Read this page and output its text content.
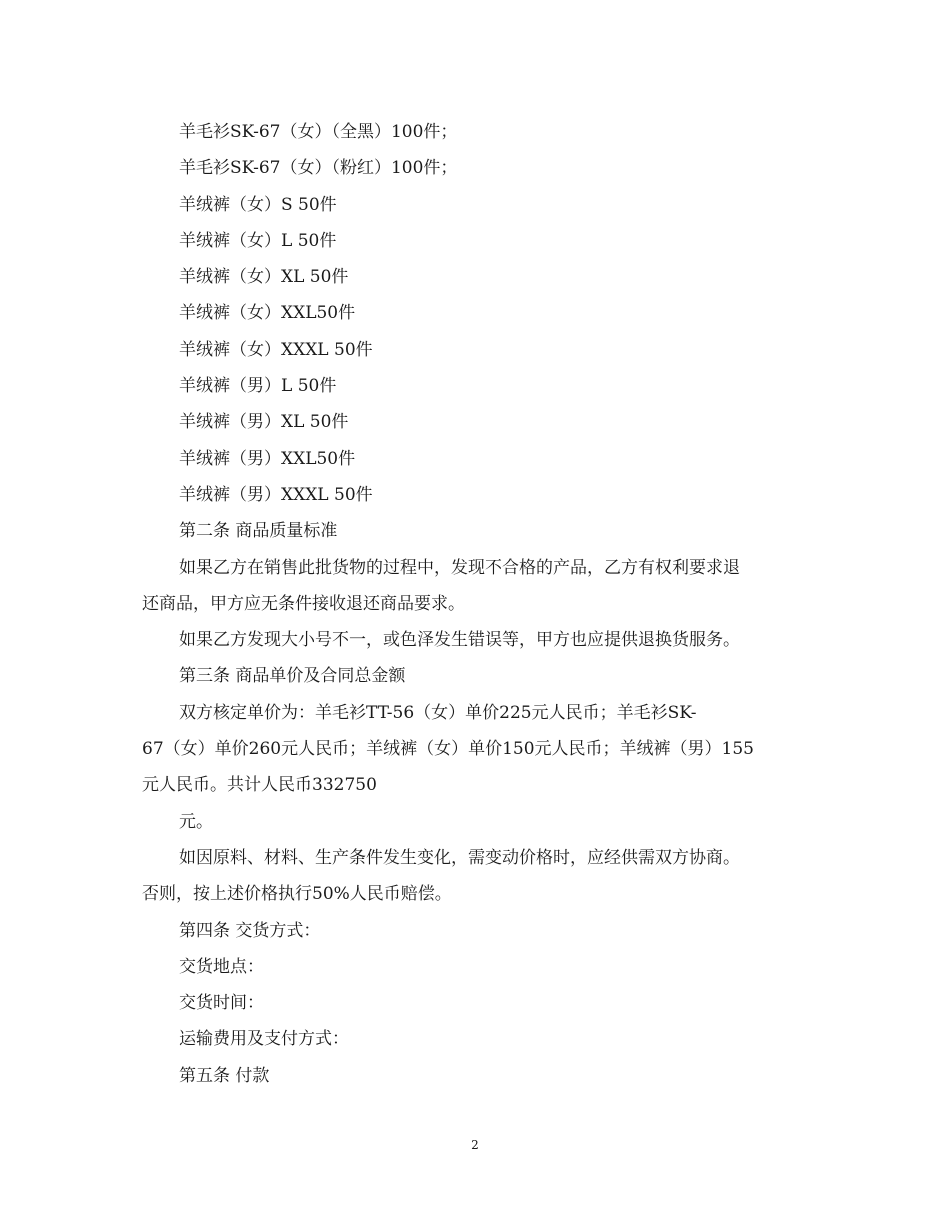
羊毛衫SK-67（女）（全黑）100件；

羊毛衫SK-67（女）（粉红）100件；

羊绒裤（女）S 50件

羊绒裤（女）L 50件

羊绒裤（女）XL 50件

羊绒裤（女）XXL50件

羊绒裤（女）XXXL 50件

羊绒裤（男）L 50件

羊绒裤（男）XL 50件

羊绒裤（男）XXL50件

羊绒裤（男）XXXL 50件

第二条 商品质量标准

如果乙方在销售此批货物的过程中，发现不合格的产品，乙方有权利要求退

还商品，甲方应无条件接收退还商品要求。

如果乙方发现大小号不一，或色泽发生错误等，甲方也应提供退换货服务。

第三条 商品单价及合同总金额

双方核定单价为：羊毛衫TT-56（女）单价225元人民币；羊毛衫SK-

67（女）单价260元人民币；羊绒裤（女）单价150元人民币；羊绒裤（男）155

元人民币。共计人民币332750

元。

如因原料、材料、生产条件发生变化，需变动价格时，应经供需双方协商。

否则，按上述价格执行50%人民币赔偿。

第四条 交货方式：

交货地点：

交货时间：

运输费用及支付方式：

第五条 付款

2
